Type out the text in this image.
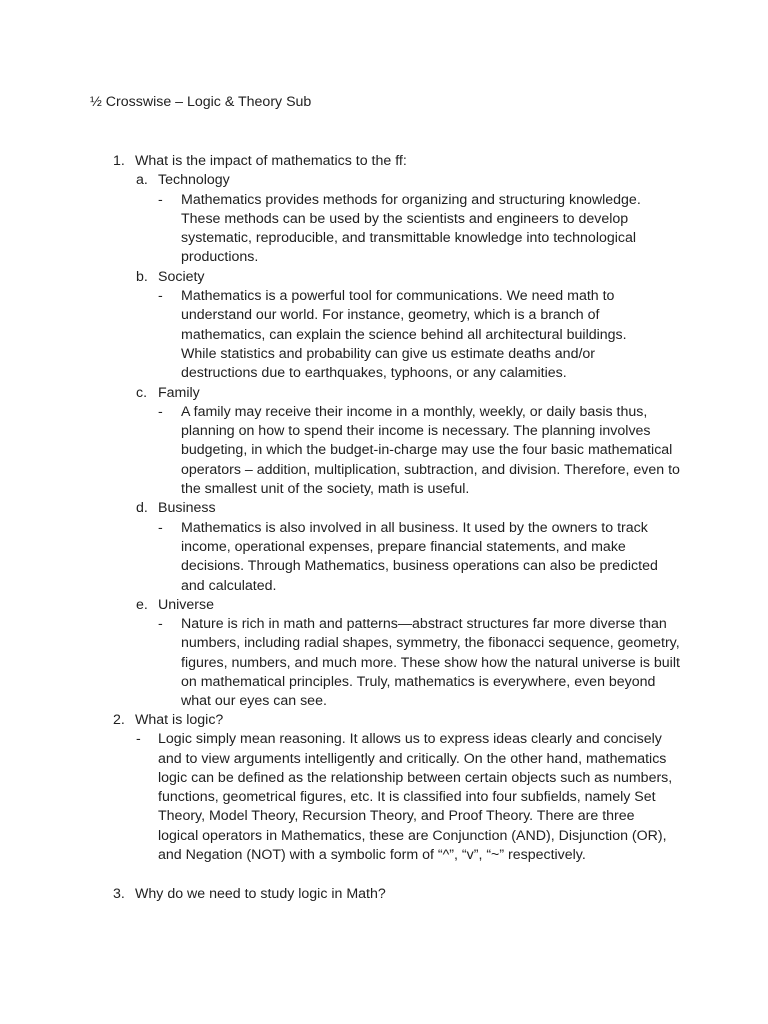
½ Crosswise – Logic & Theory Sub
1. What is the impact of mathematics to the ff:
a. Technology
- Mathematics provides methods for organizing and structuring knowledge. These methods can be used by the scientists and engineers to develop systematic, reproducible, and transmittable knowledge into technological productions.
b. Society
- Mathematics is a powerful tool for communications. We need math to understand our world. For instance, geometry, which is a branch of mathematics, can explain the science behind all architectural buildings. While statistics and probability can give us estimate deaths and/or destructions due to earthquakes, typhoons, or any calamities.
c. Family
- A family may receive their income in a monthly, weekly, or daily basis thus, planning on how to spend their income is necessary. The planning involves budgeting, in which the budget-in-charge may use the four basic mathematical operators – addition, multiplication, subtraction, and division. Therefore, even to the smallest unit of the society, math is useful.
d. Business
- Mathematics is also involved in all business. It used by the owners to track income, operational expenses, prepare financial statements, and make decisions. Through Mathematics, business operations can also be predicted and calculated.
e. Universe
- Nature is rich in math and patterns—abstract structures far more diverse than numbers, including radial shapes, symmetry, the fibonacci sequence, geometry, figures, numbers, and much more. These show how the natural universe is built on mathematical principles. Truly, mathematics is everywhere, even beyond what our eyes can see.
2. What is logic?
- Logic simply mean reasoning. It allows us to express ideas clearly and concisely and to view arguments intelligently and critically. On the other hand, mathematics logic can be defined as the relationship between certain objects such as numbers, functions, geometrical figures, etc. It is classified into four subfields, namely Set Theory, Model Theory, Recursion Theory, and Proof Theory. There are three logical operators in Mathematics, these are Conjunction (AND), Disjunction (OR), and Negation (NOT) with a symbolic form of “^”, “v”, “~” respectively.
3. Why do we need to study logic in Math?
